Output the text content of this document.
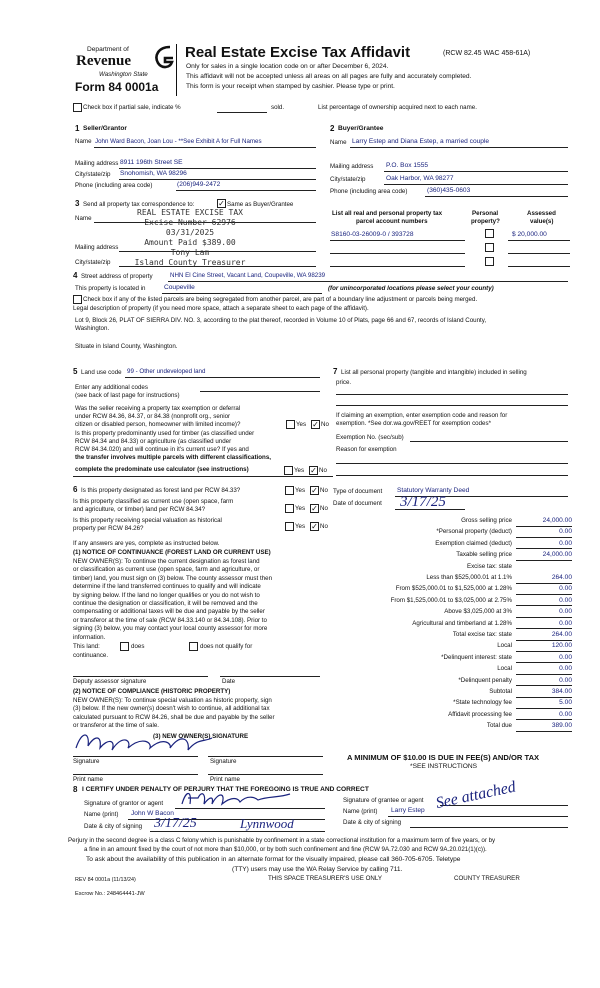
Department of
Revenue
Washington State
Form 84 0001a
Real Estate Excise Tax Affidavit	(RCW 82.45 WAC 458-61A)
Only for sales in a single location code on or after December 6, 2024.
This affidavit will not be accepted unless all areas on all pages are fully and accurately completed.
This form is your receipt when stamped by cashier. Please type or print.
Check box if partial sale, indicate %	sold.	List percentage of ownership acquired next to each name.
1 Seller/Grantor
Name John Ward Bacon, Joan Lou - **See Exhibit A for Full Names
Mailing address 8911 196th Street SE
City/state/zip Snohomish, WA 98296
Phone (including area code)	(206)949-2472
2 Buyer/Grantee
Name Larry Estep and Diana Estep, a married couple
Mailing address P.O. Box 1555
City/state/zip	Oak Harbor, WA 98277
Phone (including area code)	(360)435-0603
3 Send all property tax correspondence to:	✓ Same as Buyer/Grantee
Name
Mailing address
City/state/zip
REAL ESTATE EXCISE TAX
Excise Number 62976
03/31/2025
Amount Paid $389.00
Tony Lam
Island County Treasurer
List all real and personal property tax
parcel account numbers
Personal
property?
Assessed
value(s)
S8160-03-26009-0 / 393728	$ 20,000.00
4 Street address of property	NHN El Cine Street, Vacant Land, Coupeville, WA 98239
This property is located in	Coupeville	(for unincorporated locations please select your county)
Check box if any of the listed parcels are being segregated from another parcel, are part of a boundary line adjustment or parcels being merged.
Legal description of property (if you need more space, attach a separate sheet to each page of the affidavit).
Lot 9, Block 26, PLAT OF SIERRA DIV. NO. 3, according to the plat thereof, recorded in Volume 10 of Plats, page 66 and 67, records of Island County,
Washington.
Situate in Island County, Washington.
5 Land use code 99 - Other undeveloped land
Enter any additional codes
(see back of last page for instructions)
Was the seller receiving a property tax exemption or deferral
under RCW 84.36, 84.37, or 84.38 (nonprofit org., senior
citizen or disabled person, homeowner with limited income)?	Yes ✓ No
Is this property predominantly used for timber (as classified under
RCW 84.34 and 84.33) or agriculture (as classified under
RCW 84.34.020) and will continue in it's current use? If yes and
the transfer involves multiple parcels with different classifications,
complete the predominate use calculator (see instructions)	Yes ✓ No
7 List all personal property (tangible and intangible) included in selling
price.
If claiming an exemption, enter exemption code and reason for
exemption. *See dor.wa.gov/REET for exemption codes*
Exemption No. (sec/sub)
Reason for exemption
6 Is this property designated as forest land per RCW 84.33?	Yes ✓ No
Is this property classified as current use (open space, farm
and agriculture, or timber) land per RCW 84.34?	Yes ✓ No
Is this property receiving special valuation as historical
property per RCW 84.26?	Yes ✓ No
If any answers are yes, complete as instructed below.
(1) NOTICE OF CONTINUANCE (FOREST LAND OR CURRENT USE)
NEW OWNER(S): To continue the current designation as forest land
or classification as current use (open space, farm and agriculture, or
timber) land, you must sign on (3) below. The county assessor must then
determine if the land transferred continues to qualify and will indicate
by signing below. If the land no longer qualifies or you do not wish to
continue the designation or classification, it will be removed and the
compensating or additional taxes will be due and payable by the seller
or transferor at the time of sale (RCW 84.33.140 or 84.34.108). Prior to
signing (3) below, you may contact your local county assessor for more
information.
This land:	does	does not qualify for
continuance.
Deputy assessor signature	Date
(2) NOTICE OF COMPLIANCE (HISTORIC PROPERTY)
NEW OWNER(S): To continue special valuation as historic property, sign
(3) below. If the new owner(s) doesn't wish to continue, all additional tax
calculated pursuant to RCW 84.26, shall be due and payable by the seller
or transferor at the time of sale.
(3) NEW OWNER(S) SIGNATURE
Signature	Signature
Print name	Print name
Type of document Statutory Warranty Deed
Date of document 3/17/25
Gross selling price	24,000.00
*Personal property (deduct)	0.00
Exemption claimed (deduct)	0.00
Taxable selling price	24,000.00
Excise tax: state
Less than $525,000.01 at 1.1%	264.00
From $525,000.01 to $1,525,000 at 1.28%	0.00
From $1,525,000.01 to $3,025,000 at 2.75%	0.00
Above $3,025,000 at 3%	0.00
Agricultural and timberland at 1.28%	0.00
Total excise tax: state	264.00
Local	120.00
*Delinquent interest: state	0.00
Local	0.00
*Delinquent penalty	0.00
Subtotal	384.00
*State technology fee	5.00
Affidavit processing fee	0.00
Total due	389.00
A MINIMUM OF $10.00 IS DUE IN FEE(S) AND/OR TAX
*SEE INSTRUCTIONS
8 I CERTIFY UNDER PENALTY OF PERJURY THAT THE FOREGOING IS TRUE AND CORRECT
Signature of grantor or agent
Name (print) John W Bacon
Date & city of signing 3/17/25	Lynnwood
Signature of grantee or agent
Name (print) Larry Estep
Date & city of signing
See attached
Perjury in the second degree is a class C felony which is punishable by confinement in a state correctional institution for a maximum term of five years, or by
a fine in an amount fixed by the court of not more than $10,000, or by both such confinement and fine (RCW 9A.72.030 and RCW 9A.20.021(1)(c)).
To ask about the availability of this publication in an alternate format for the visually impaired, please call 360-705-6705. Teletype
(TTY) users may use the WA Relay Service by calling 711.
REV 84 0001a (11/13/24)	THIS SPACE TREASURER'S USE ONLY	COUNTY TREASURER
Escrow No.: 248464441-JW
